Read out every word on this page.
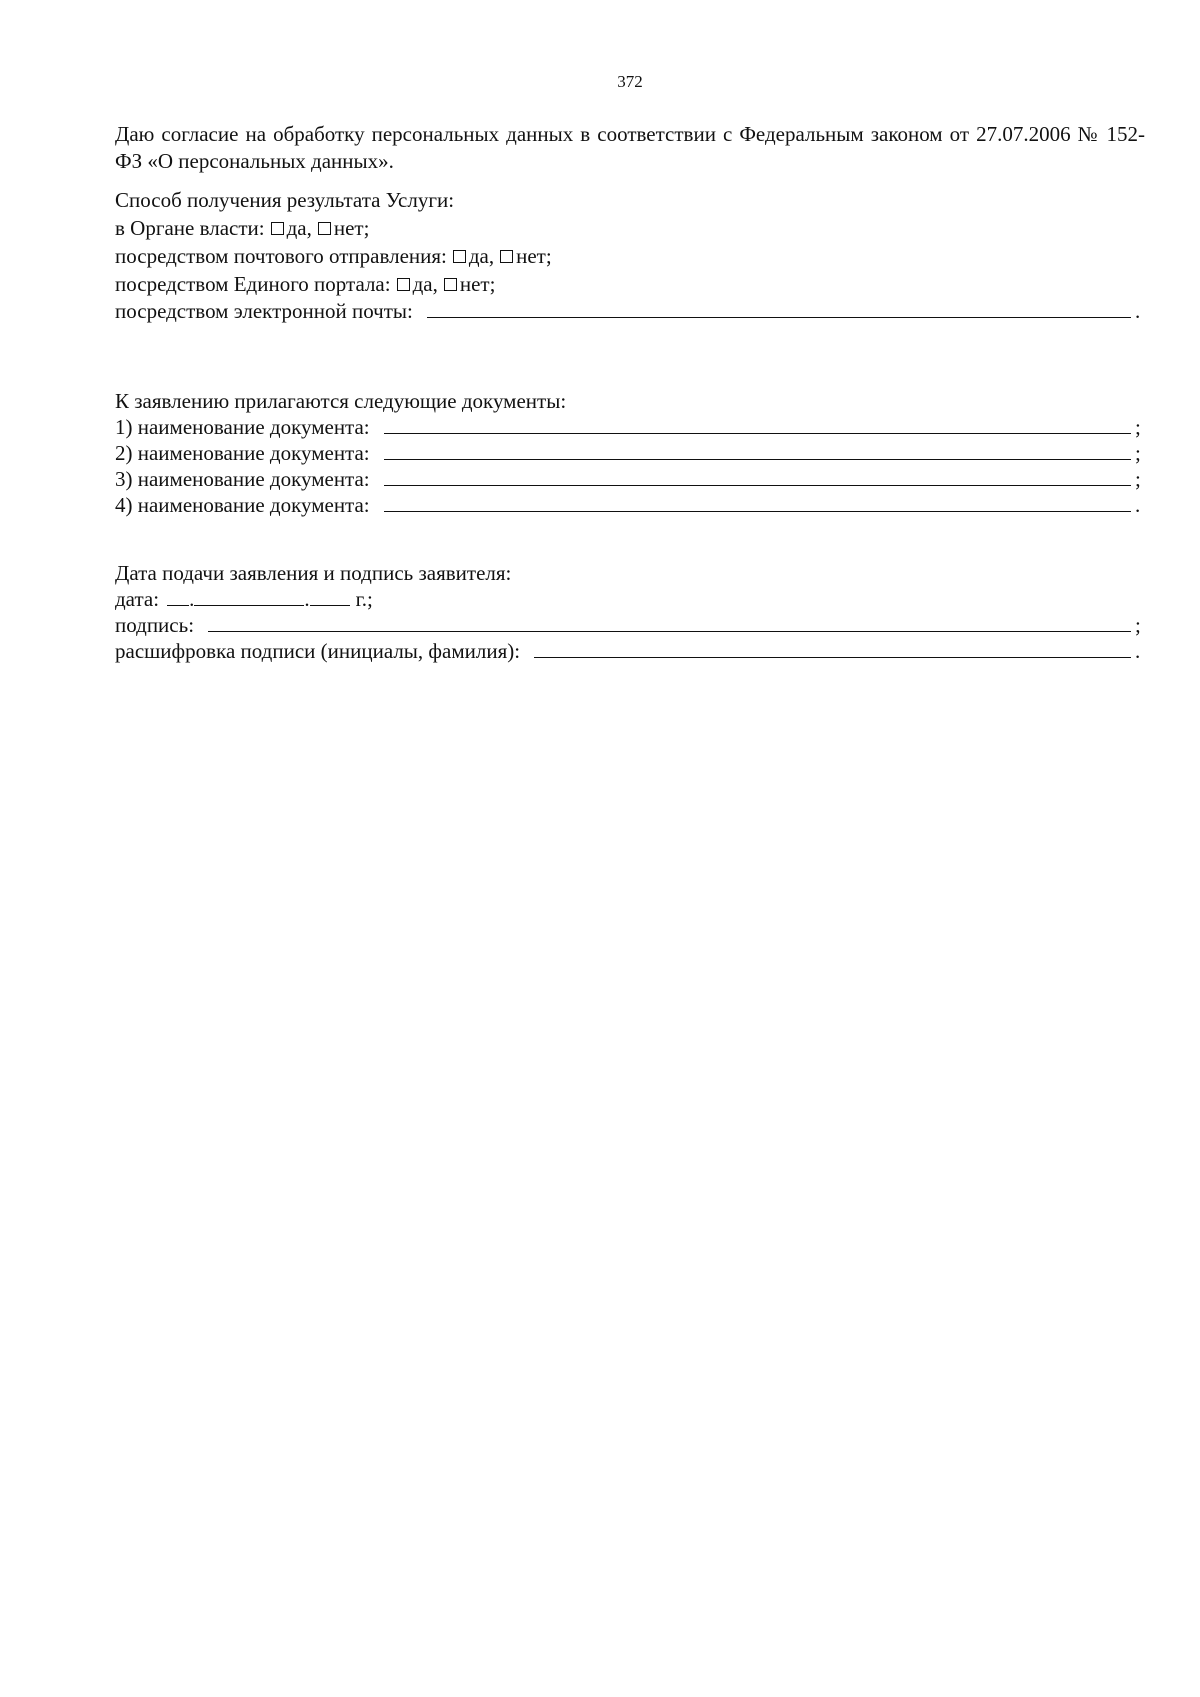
372
Даю согласие на обработку персональных данных в соответствии с Федеральным законом от 27.07.2006 № 152-ФЗ «О персональных данных».
Способ получения результата Услуги:
в Органе власти: да, нет;
посредством почтового отправления: да, нет;
посредством Единого портала: да, нет;
посредством электронной почты:	.
К заявлению прилагаются следующие документы:
1) наименование документа:	;
2) наименование документа:	;
3) наименование документа:	;
4) наименование документа:	.
Дата подачи заявления и подпись заявителя:
дата: .	. г.;
подпись:	;
расшифровка подписи (инициалы, фамилия):	.
